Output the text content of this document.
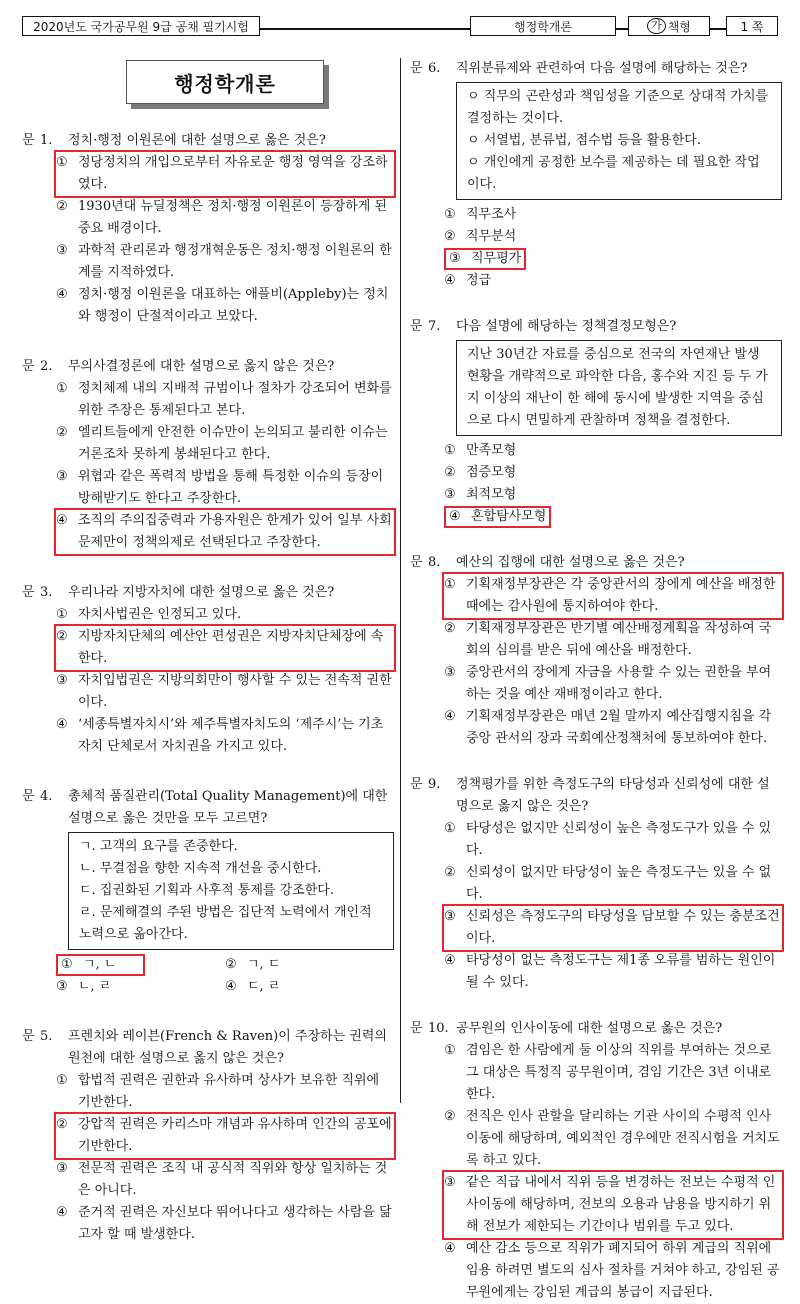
2020년도 국가공무원 9급 공채 필기시험	행정학개론	가 책형	1 쪽
행정학개론
문 1.	정치·행정 이원론에 대한 설명으로 옳은 것은?
① 정당정치의 개입으로부터 자유로운 행정 영역을 강조하였다.
② 1930년대 뉴딜정책은 정치·행정 이원론이 등장하게 된 중요 배경이다.
③ 과학적 관리론과 행정개혁운동은 정치·행정 이원론의 한계를 지적하였다.
④ 정치·행정 이원론을 대표하는 애플비(Appleby)는 정치와 행정이 단절적이라고 보았다.
문 2.	무의사결정론에 대한 설명으로 옳지 않은 것은?
① 정치체제 내의 지배적 규범이나 절차가 강조되어 변화를 위한 주장은 통제된다고 본다.
② 엘리트들에게 안전한 이슈만이 논의되고 불리한 이슈는 거론조차 못하게 봉쇄된다고 한다.
③ 위협과 같은 폭력적 방법을 통해 특정한 이슈의 등장이 방해받기도 한다고 주장한다.
④ 조직의 주의집중력과 가용자원은 한계가 있어 일부 사회문제만이 정책의제로 선택된다고 주장한다.
문 3.	우리나라 지방자치에 대한 설명으로 옳은 것은?
① 자치사법권은 인정되고 있다.
② 지방자치단체의 예산안 편성권은 지방자치단체장에 속한다.
③ 자치입법권은 지방의회만이 행사할 수 있는 전속적 권한이다.
④ ‘세종특별자치시’와 제주특별자치도의 ‘제주시’는 기초자치 단체로서 자치권을 가지고 있다.
문 4.	총체적 품질관리(Total Quality Management)에 대한 설명으로 옳은 것만을 모두 고르면?
ㄱ. 고객의 요구를 존중한다.
ㄴ. 무결점을 향한 지속적 개선을 중시한다.
ㄷ. 집권화된 기획과 사후적 통제를 강조한다.
ㄹ. 문제해결의 주된 방법은 집단적 노력에서 개인적 노력으로 옮아간다.
① ㄱ, ㄴ	② ㄱ, ㄷ
③ ㄴ, ㄹ	④ ㄷ, ㄹ
문 5.	프렌치와 레이븐(French & Raven)이 주장하는 권력의 원천에 대한 설명으로 옳지 않은 것은?
① 합법적 권력은 권한과 유사하며 상사가 보유한 직위에 기반한다.
② 강압적 권력은 카리스마 개념과 유사하며 인간의 공포에 기반한다.
③ 전문적 권력은 조직 내 공식적 직위와 항상 일치하는 것은 아니다.
④ 준거적 권력은 자신보다 뛰어나다고 생각하는 사람을 닮고자 할 때 발생한다.
문 6.	직위분류제와 관련하여 다음 설명에 해당하는 것은?
ㅇ 직무의 곤란성과 책임성을 기준으로 상대적 가치를 결정하는 것이다.
ㅇ 서열법, 분류법, 점수법 등을 활용한다.
ㅇ 개인에게 공정한 보수를 제공하는 데 필요한 작업이다.
① 직무조사
② 직무분석
③ 직무평가
④ 정급
문 7.	다음 설명에 해당하는 정책결정모형은?
지난 30년간 자료를 중심으로 전국의 자연재난 발생현황을 개략적으로 파악한 다음, 홍수와 지진 등 두 가지 이상의 재난이 한 해에 동시에 발생한 지역을 중심으로 다시 면밀하게 관찰하며 정책을 결정한다.
① 만족모형
② 점증모형
③ 최적모형
④ 혼합탐사모형
문 8.	예산의 집행에 대한 설명으로 옳은 것은?
① 기획재정부장관은 각 중앙관서의 장에게 예산을 배정한 때에는 감사원에 통지하여야 한다.
② 기획재정부장관은 반기별 예산배정계획을 작성하여 국회의 심의를 받은 뒤에 예산을 배정한다.
③ 중앙관서의 장에게 자금을 사용할 수 있는 권한을 부여하는 것을 예산 재배정이라고 한다.
④ 기획재정부장관은 매년 2월 말까지 예산집행지침을 각 중앙 관서의 장과 국회예산정책처에 통보하여야 한다.
문 9.	정책평가를 위한 측정도구의 타당성과 신뢰성에 대한 설명으로 옳지 않은 것은?
① 타당성은 없지만 신뢰성이 높은 측정도구가 있을 수 있다.
② 신뢰성이 없지만 타당성이 높은 측정도구는 있을 수 없다.
③ 신뢰성은 측정도구의 타당성을 담보할 수 있는 충분조건이다.
④ 타당성이 없는 측정도구는 제1종 오류를 범하는 원인이 될 수 있다.
문 10. 공무원의 인사이동에 대한 설명으로 옳은 것은?
① 겸임은 한 사람에게 둘 이상의 직위를 부여하는 것으로 그 대상은 특정직 공무원이며, 겸임 기간은 3년 이내로 한다.
② 전직은 인사 관할을 달리하는 기관 사이의 수평적 인사이동에 해당하며, 예외적인 경우에만 전직시험을 거치도록 하고 있다.
③ 같은 직급 내에서 직위 등을 변경하는 전보는 수평적 인사이동에 해당하며, 전보의 오용과 남용을 방지하기 위해 전보가 제한되는 기간이나 범위를 두고 있다.
④ 예산 감소 등으로 직위가 폐지되어 하위 계급의 직위에 임용 하려면 별도의 심사 절차를 거쳐야 하고, 강임된 공무원에게는 강임된 계급의 봉급이 지급된다.
